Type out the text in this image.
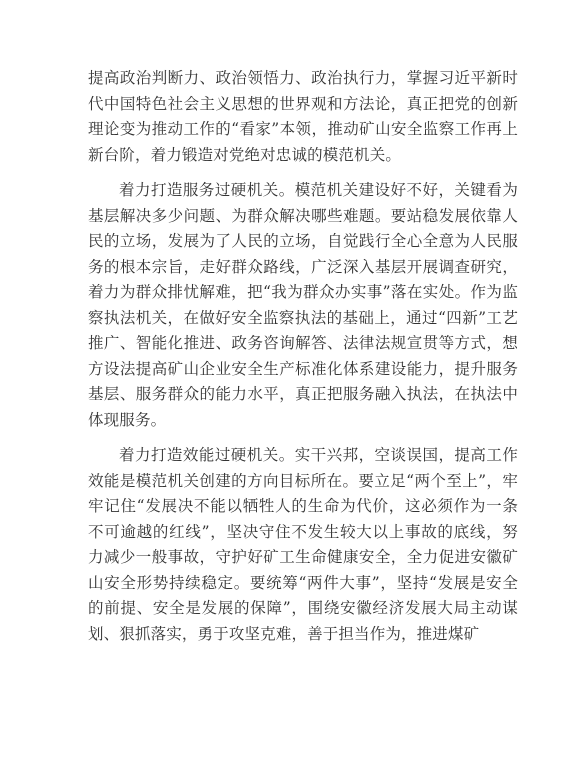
提高政治判断力、政治领悟力、政治执行力，掌握习近平新时代中国特色社会主义思想的世界观和方法论，真正把党的创新理论变为推动工作的“看家”本领，推动矿山安全监察工作再上新台阶，着力锻造对党绝对忠诚的模范机关。

着力打造服务过硬机关。模范机关建设好不好，关键看为基层解决多少问题、为群众解决哪些难题。要站稳发展依靠人民的立场，发展为了人民的立场，自觉践行全心全意为人民服务的根本宗旨，走好群众路线，广泛深入基层开展调查研究，着力为群众排忧解难，把“我为群众办实事”落在实处。作为监察执法机关，在做好安全监察执法的基础上，通过“四新”工艺推广、智能化推进、政务咨询解答、法律法规宣贯等方式，想方设法提高矿山企业安全生产标准化体系建设能力，提升服务基层、服务群众的能力水平，真正把服务融入执法，在执法中体现服务。

着力打造效能过硬机关。实干兴邦，空谈误国，提高工作效能是模范机关创建的方向目标所在。要立足“两个至上”，牢牢记住“发展决不能以牺牲人的生命为代价，这必须作为一条不可逾越的红线”，坚决守住不发生较大以上事故的底线，努力减少一般事故，守护好矿工生命健康安全，全力促进安徽矿山安全形势持续稳定。要统筹“两件大事”，坚持“发展是安全的前提、安全是发展的保障”，围绕安徽经济发展大局主动谋划、狠抓落实，勇于攻坚克难，善于担当作为，推进煤矿
